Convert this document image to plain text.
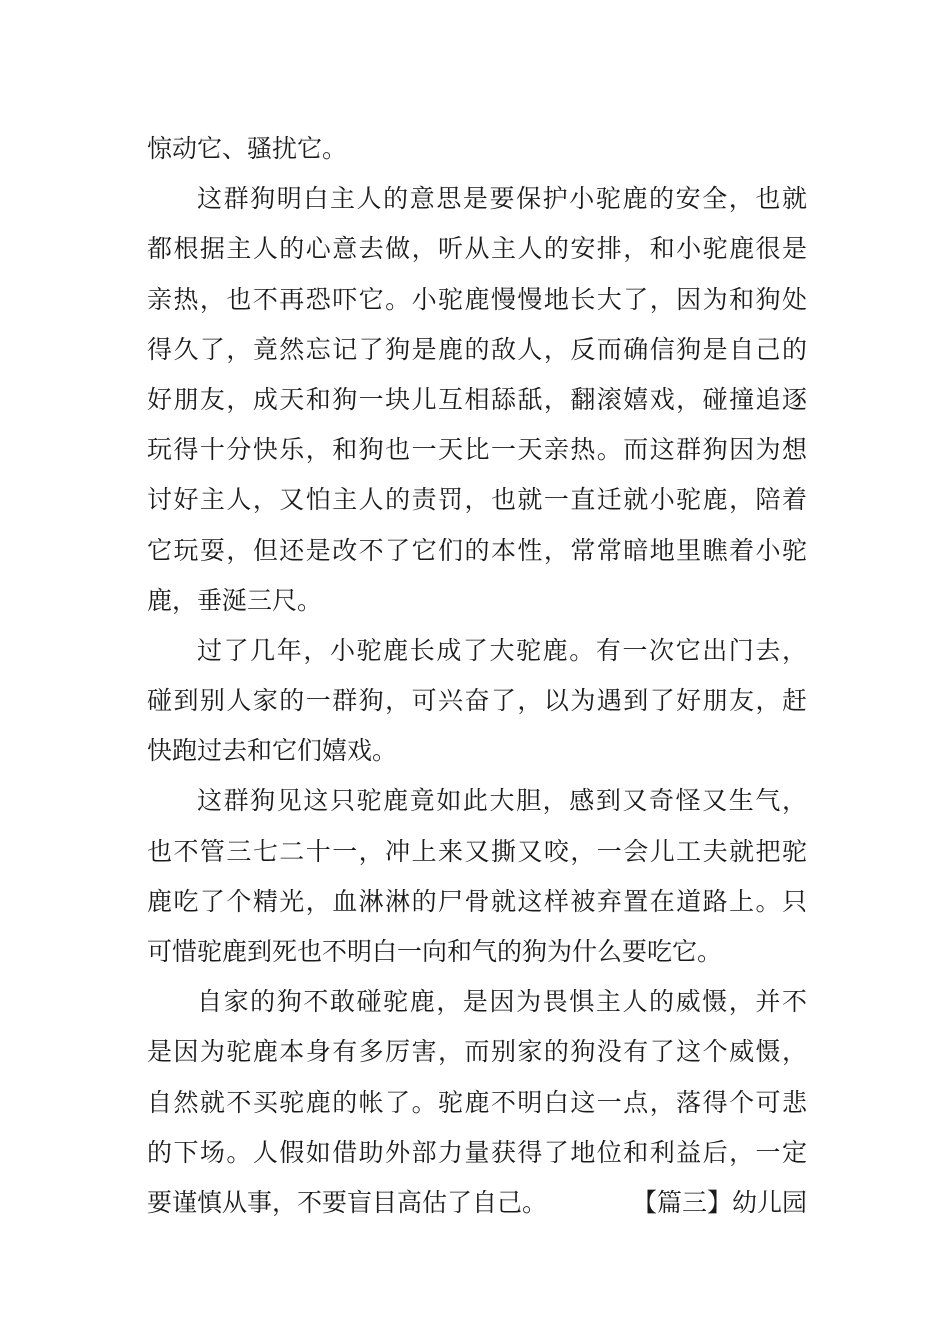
惊动它、骚扰它。
这群狗明白主人的意思是要保护小驼鹿的安全，也就
都根据主人的心意去做，听从主人的安排，和小驼鹿很是
亲热，也不再恐吓它。小驼鹿慢慢地长大了，因为和狗处
得久了，竟然忘记了狗是鹿的敌人，反而确信狗是自己的
好朋友，成天和狗一块儿互相舔舐，翻滚嬉戏，碰撞追逐
玩得十分快乐，和狗也一天比一天亲热。而这群狗因为想
讨好主人，又怕主人的责罚，也就一直迁就小驼鹿，陪着
它玩耍，但还是改不了它们的本性，常常暗地里瞧着小驼
鹿，垂涎三尺。
过了几年，小驼鹿长成了大驼鹿。有一次它出门去，
碰到别人家的一群狗，可兴奋了，以为遇到了好朋友，赶
快跑过去和它们嬉戏。
这群狗见这只驼鹿竟如此大胆，感到又奇怪又生气，
也不管三七二十一，冲上来又撕又咬，一会儿工夫就把驼
鹿吃了个精光，血淋淋的尸骨就这样被弃置在道路上。只
可惜驼鹿到死也不明白一向和气的狗为什么要吃它。
自家的狗不敢碰驼鹿，是因为畏惧主人的威慑，并不
是因为驼鹿本身有多厉害，而别家的狗没有了这个威慑，
自然就不买驼鹿的帐了。驼鹿不明白这一点，落得个可悲
的下场。人假如借助外部力量获得了地位和利益后，一定
要谨慎从事，不要盲目高估了自己。	【篇三】幼儿园
